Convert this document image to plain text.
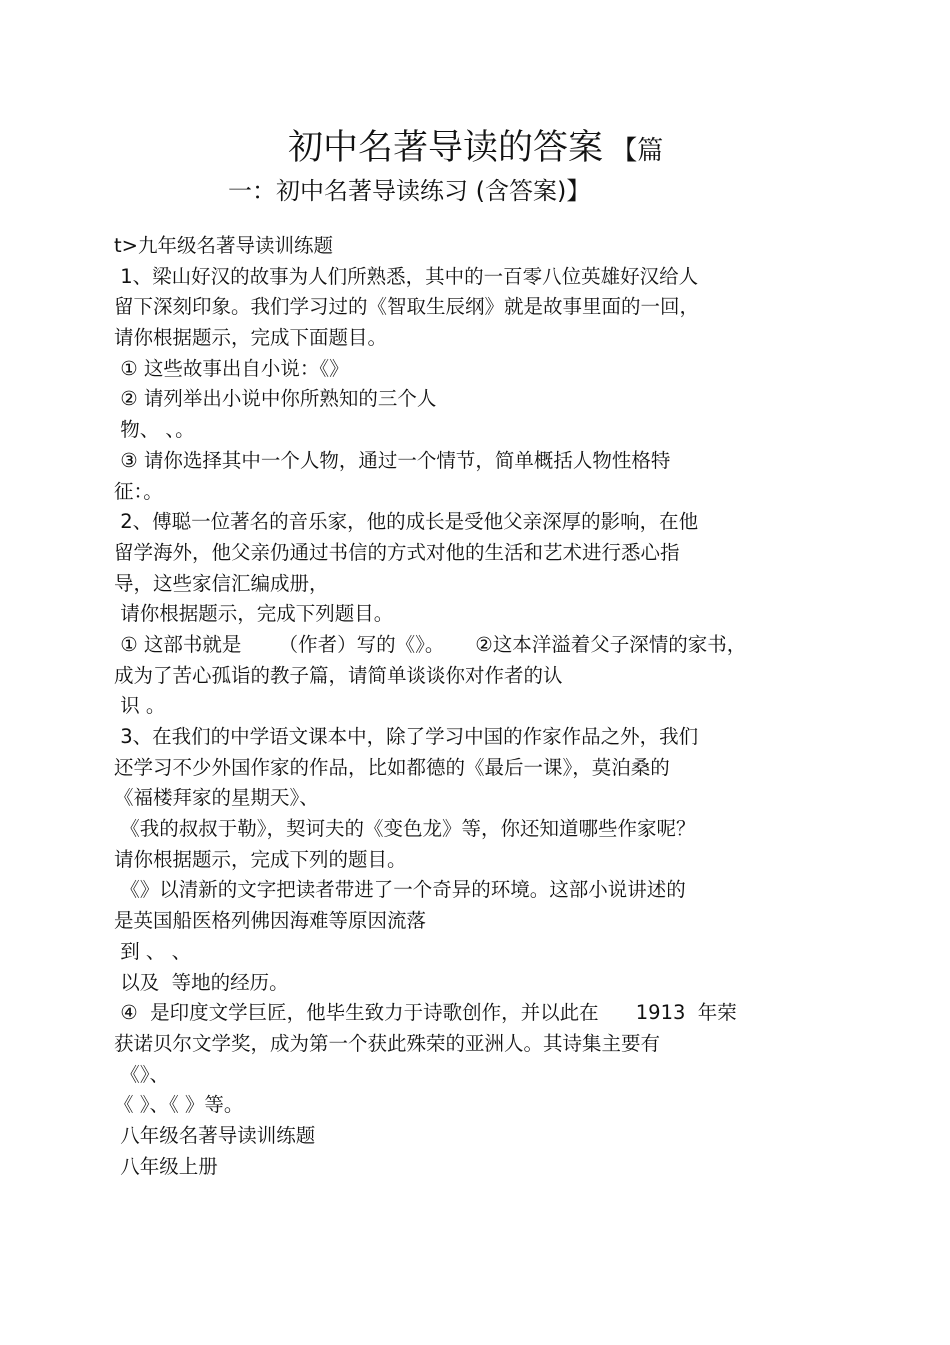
初中名著导读的答案 【篇
一：初中名著导读练习 (含答案)】
t>九年级名著导读训练题
1、梁山好汉的故事为人们所熟悉，其中的一百零八位英雄好汉给人
留下深刻印象。我们学习过的《智取生辰纲》就是故事里面的一回，
请你根据题示，完成下面题目。
① 这些故事出自小说：《》
② 请列举出小说中你所熟知的三个人
物、 、。
③ 请你选择其中一个人物，通过一个情节，简单概括人物性格特
征：。
2、傅聪一位著名的音乐家，他的成长是受他父亲深厚的影响，在他
留学海外，他父亲仍通过书信的方式对他的生活和艺术进行悉心指
导，这些家信汇编成册，
请你根据题示，完成下列题目。
① 这部书就是      （作者）写的《》。     ②这本洋溢着父子深情的家书，
成为了苦心孤诣的教子篇，请简单谈谈你对作者的认
识 。
3、在我们的中学语文课本中，除了学习中国的作家作品之外，我们
还学习不少外国作家的作品，比如都德的《最后一课》，莫泊桑的
《福楼拜家的星期天》、
《我的叔叔于勒》，契诃夫的《变色龙》等，你还知道哪些作家呢？
请你根据题示，完成下列的题目。
《》以清新的文字把读者带进了一个奇异的环境。这部小说讲述的
是英国船医格列佛因海难等原因流落
到 、 、
以及  等地的经历。
④  是印度文学巨匠，他毕生致力于诗歌创作，并以此在      1913  年荣
获诺贝尔文学奖，成为第一个获此殊荣的亚洲人。其诗集主要有
《》、
《 》、《 》等。
八年级名著导读训练题
八年级上册
